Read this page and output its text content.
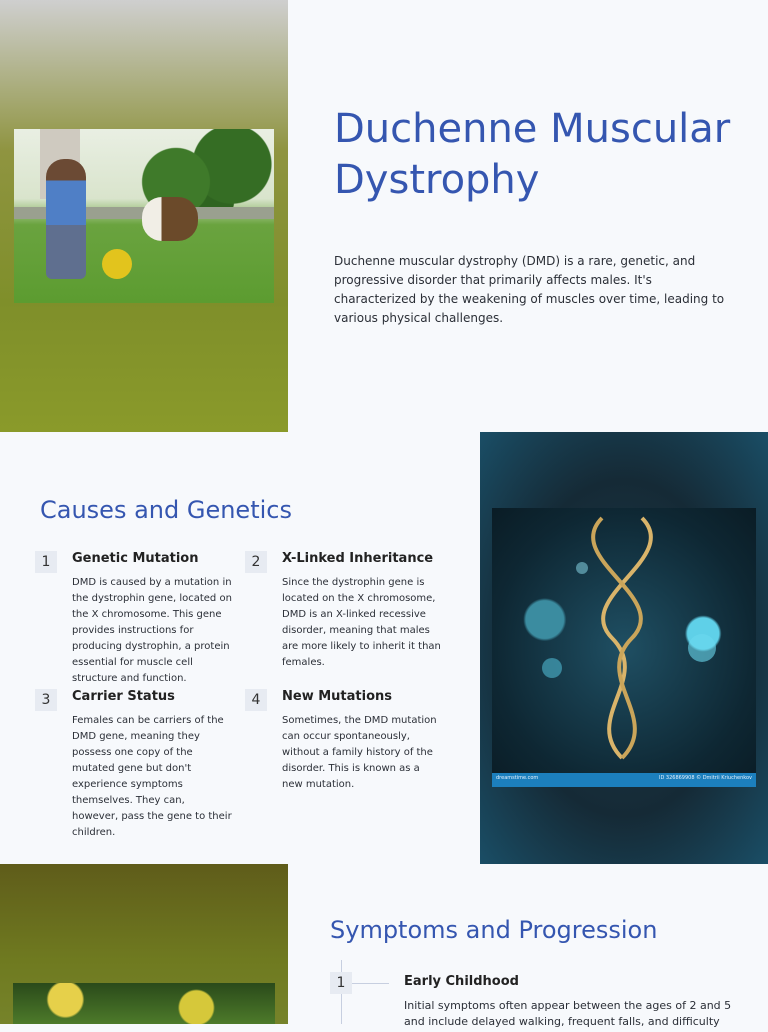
Duchenne Muscular Dystrophy

Duchenne muscular dystrophy (DMD) is a rare, genetic, and progressive disorder that primarily affects males. It's characterized by the weakening of muscles over time, leading to various physical challenges.

Causes and Genetics
1	Genetic Mutation

DMD is caused by a mutation in the dystrophin gene, located on the X chromosome. This gene provides instructions for producing dystrophin, a protein essential for muscle cell structure and function.

2	X-Linked Inheritance

Since the dystrophin gene is located on the X chromosome, DMD is an X-linked recessive disorder, meaning that males are more likely to inherit it than females.

3	Carrier Status

Females can be carriers of the DMD gene, meaning they possess one copy of the mutated gene but don't experience symptoms themselves. They can, however, pass the gene to their children.

4	New Mutations

Sometimes, the DMD mutation can occur spontaneously, without a family history of the disorder. This is known as a new mutation.

dreamstime.com	ID 326869908 © Dmitrii Kriuchenkov
Symptoms and Progression
1	Early Childhood

Initial symptoms often appear between the ages of 2 and 5 and include delayed walking, frequent falls, and difficulty
